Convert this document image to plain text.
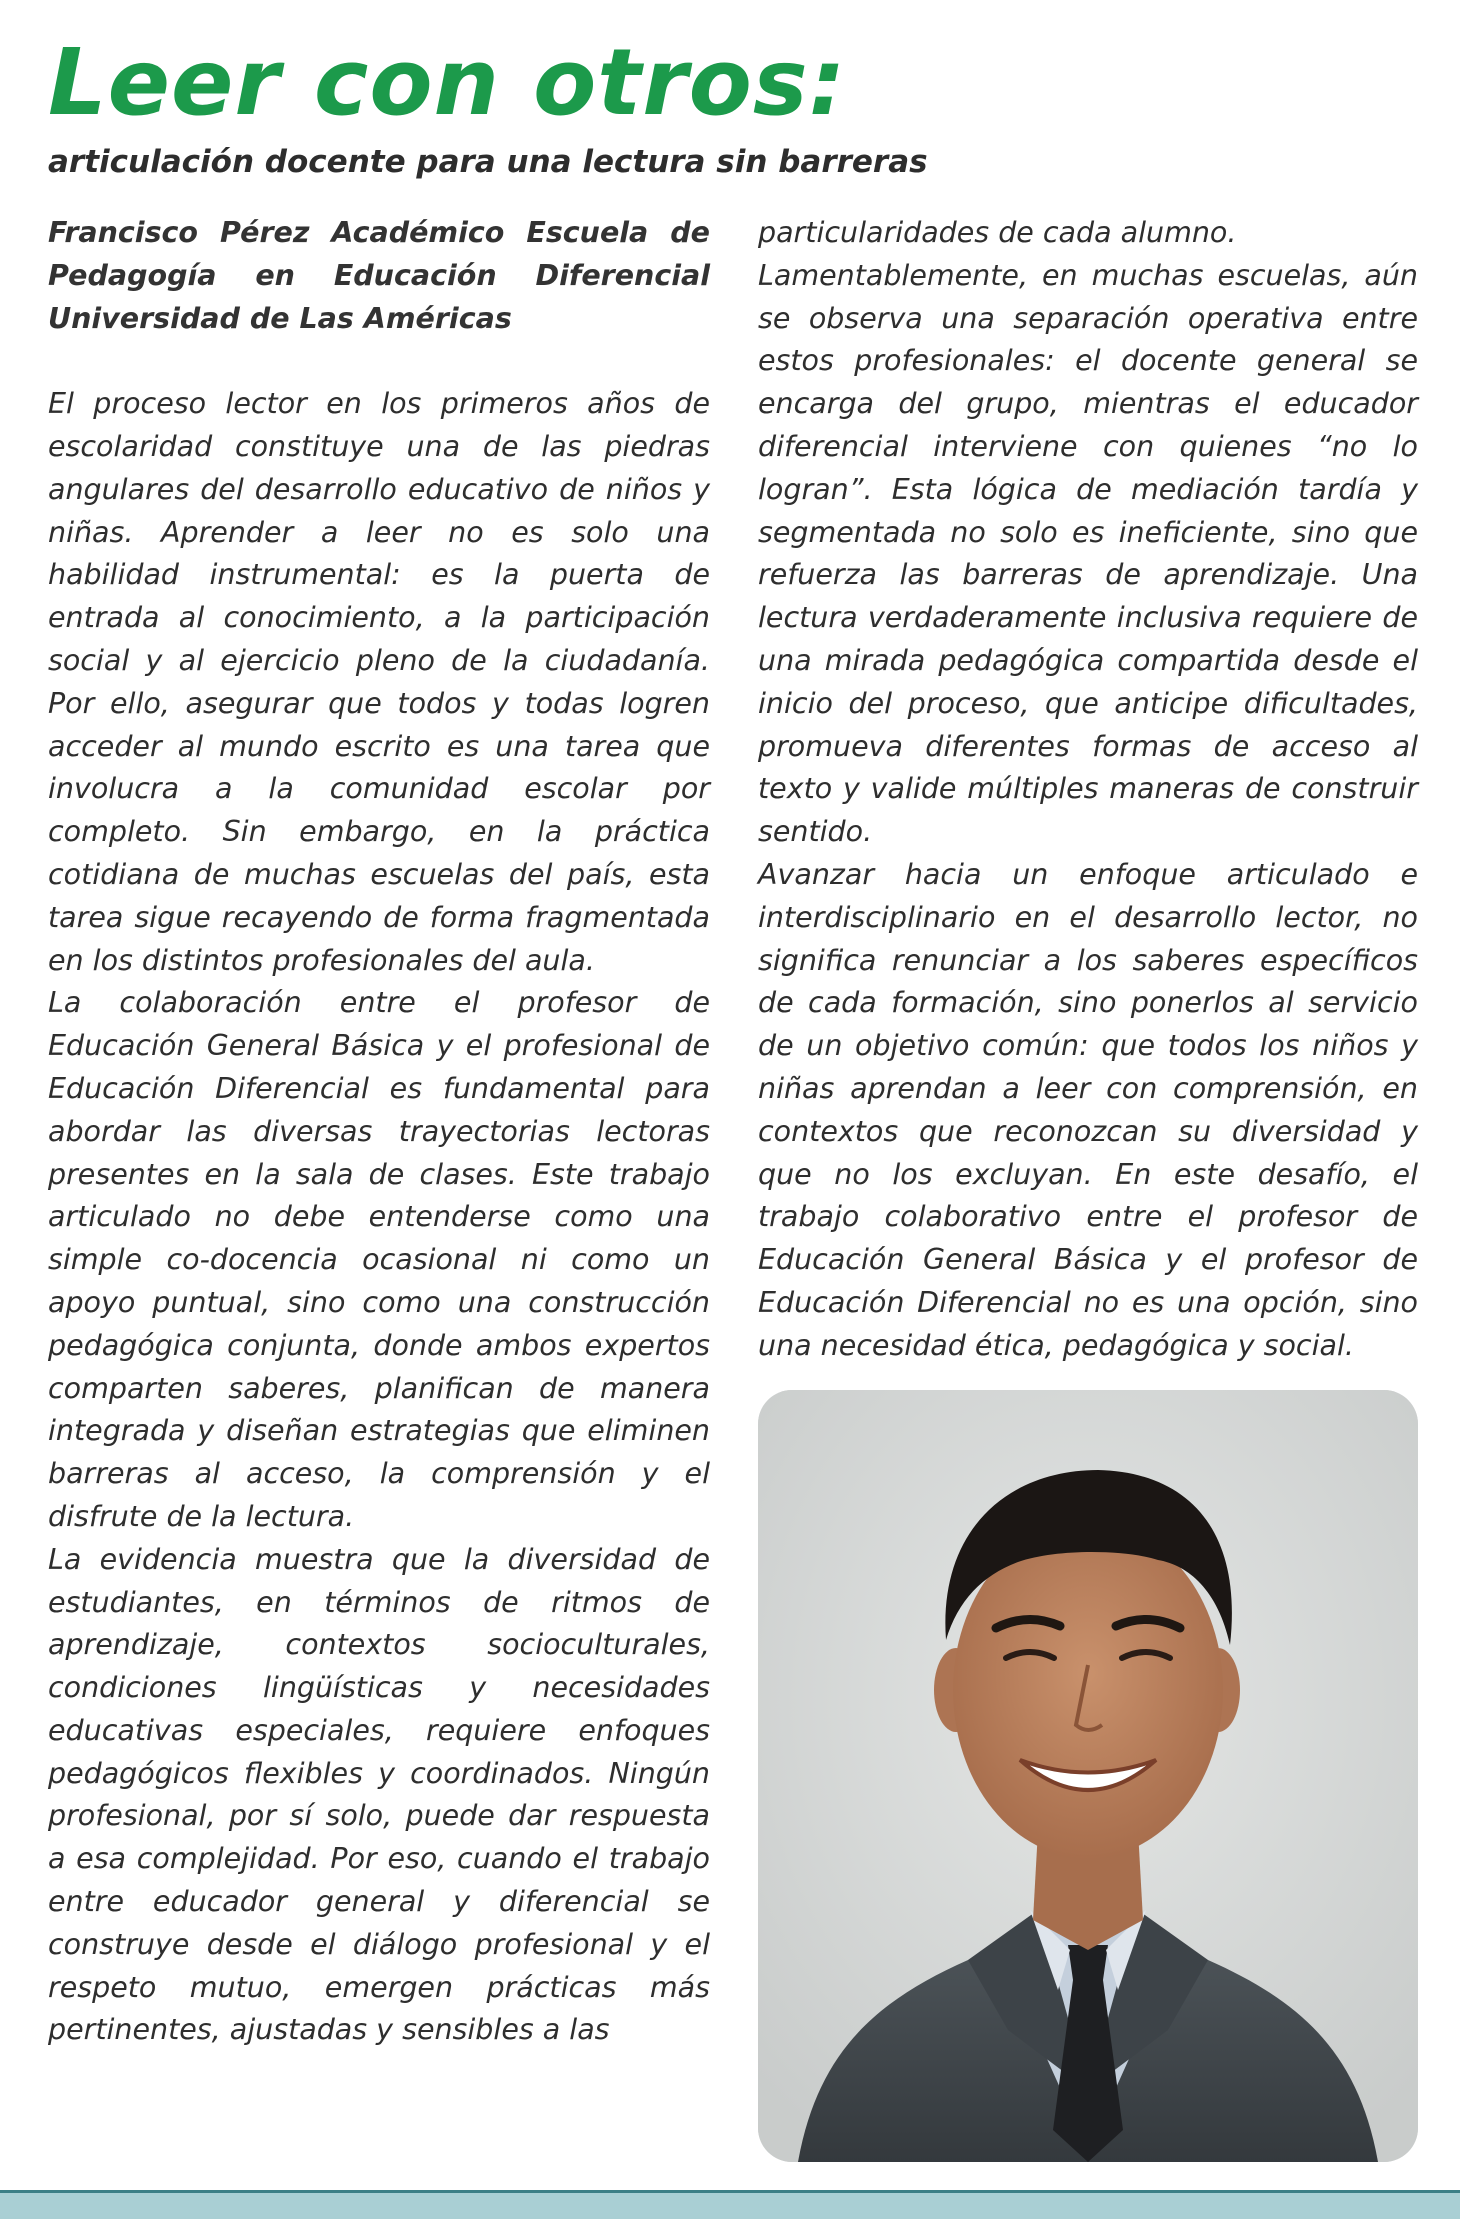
Leer con otros:
articulación docente para una lectura sin barreras

Francisco Pérez Académico Escuela de Pedagogía en Educación Diferencial Universidad de Las Américas

El proceso lector en los primeros años de escolaridad constituye una de las piedras angulares del desarrollo educativo de niños y niñas. Aprender a leer no es solo una habilidad instrumental: es la puerta de entrada al conocimiento, a la participación social y al ejercicio pleno de la ciudadanía. Por ello, asegurar que todos y todas logren acceder al mundo escrito es una tarea que involucra a la comunidad escolar por completo. Sin embargo, en la práctica cotidiana de muchas escuelas del país, esta tarea sigue recayendo de forma fragmentada en los distintos profesionales del aula.

La colaboración entre el profesor de Educación General Básica y el profesional de Educación Diferencial es fundamental para abordar las diversas trayectorias lectoras presentes en la sala de clases. Este trabajo articulado no debe entenderse como una simple co-docencia ocasional ni como un apoyo puntual, sino como una construcción pedagógica conjunta, donde ambos expertos comparten saberes, planifican de manera integrada y diseñan estrategias que eliminen barreras al acceso, la comprensión y el disfrute de la lectura.

La evidencia muestra que la diversidad de estudiantes, en términos de ritmos de aprendizaje, contextos socioculturales, condiciones lingüísticas y necesidades educativas especiales, requiere enfoques pedagógicos flexibles y coordinados. Ningún profesional, por sí solo, puede dar respuesta a esa complejidad. Por eso, cuando el trabajo entre educador general y diferencial se construye desde el diálogo profesional y el respeto mutuo, emergen prácticas más pertinentes, ajustadas y sensibles a las

particularidades de cada alumno.

Lamentablemente, en muchas escuelas, aún se observa una separación operativa entre estos profesionales: el docente general se encarga del grupo, mientras el educador diferencial interviene con quienes “no lo logran”. Esta lógica de mediación tardía y segmentada no solo es ineficiente, sino que refuerza las barreras de aprendizaje. Una lectura verdaderamente inclusiva requiere de una mirada pedagógica compartida desde el inicio del proceso, que anticipe dificultades, promueva diferentes formas de acceso al texto y valide múltiples maneras de construir sentido.

Avanzar hacia un enfoque articulado e interdisciplinario en el desarrollo lector, no significa renunciar a los saberes específicos de cada formación, sino ponerlos al servicio de un objetivo común: que todos los niños y niñas aprendan a leer con comprensión, en contextos que reconozcan su diversidad y que no los excluyan. En este desafío, el trabajo colaborativo entre el profesor de Educación General Básica y el profesor de Educación Diferencial no es una opción, sino una necesidad ética, pedagógica y social.
